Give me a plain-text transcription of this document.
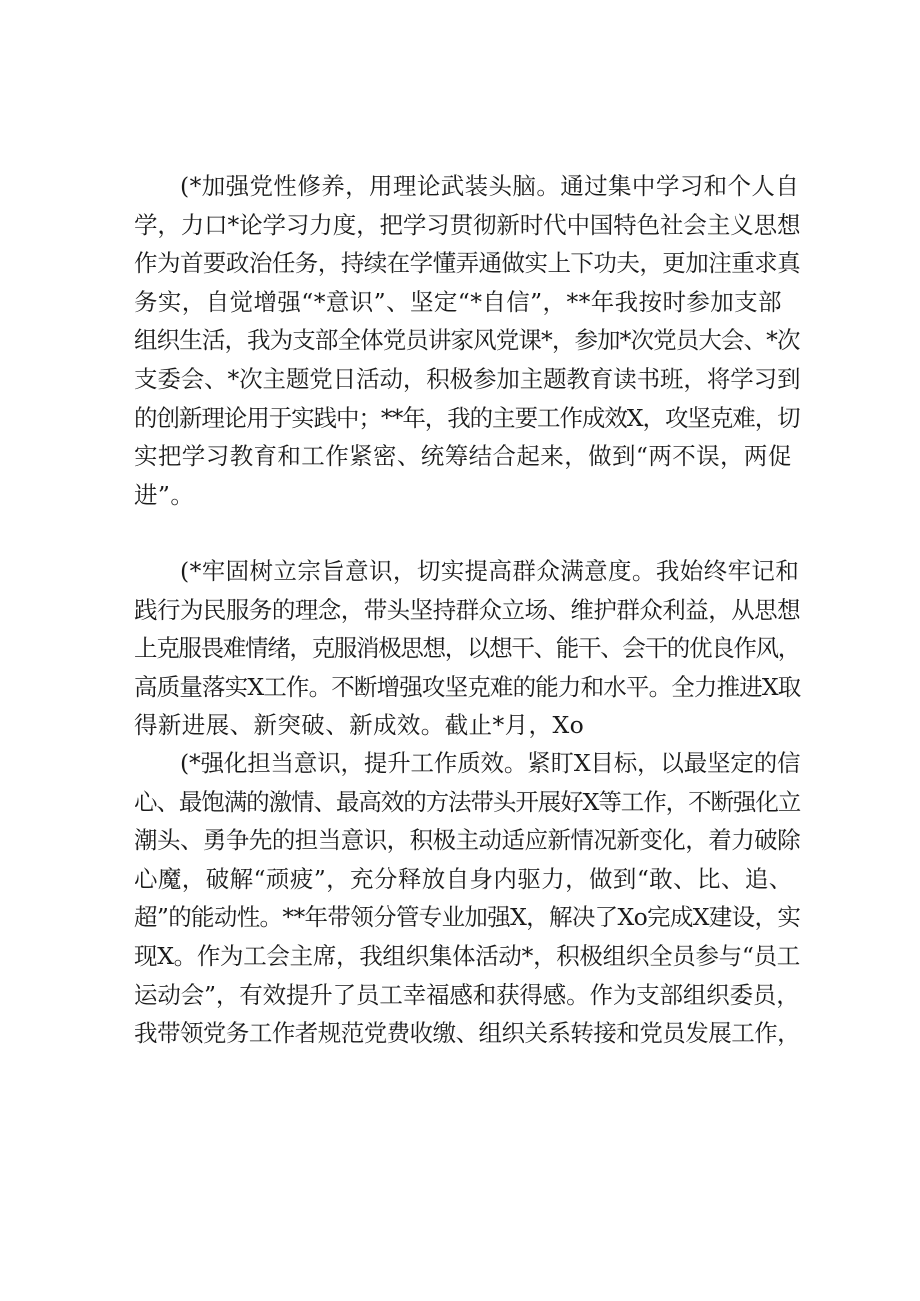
(*加强党性修养，用理论武装头脑。通过集中学习和个人自
学，力口*论学习力度，把学习贯彻新时代中国特色社会主义思想
作为首要政治任务，持续在学懂弄通做实上下功夫，更加注重求真
务实，自觉增强“*意识”、坚定“*自信”，**年我按时参加支部
组织生活，我为支部全体党员讲家风党课*，参加*次党员大会、*次
支委会、*次主题党日活动，积极参加主题教育读书班，将学习到
的创新理论用于实践中；**年，我的主要工作成效X，攻坚克难，切
实把学习教育和工作紧密、统筹结合起来，做到“两不误，两促
进”。
(*牢固树立宗旨意识，切实提高群众满意度。我始终牢记和
践行为民服务的理念，带头坚持群众立场、维护群众利益，从思想
上克服畏难情绪，克服消极思想，以想干、能干、会干的优良作风，
高质量落实X工作。不断增强攻坚克难的能力和水平。全力推进X取
得新进展、新突破、新成效。截止*月，Xo
(*强化担当意识，提升工作质效。紧盯X目标，以最坚定的信
心、最饱满的激情、最高效的方法带头开展好X等工作，不断强化立
潮头、勇争先的担当意识，积极主动适应新情况新变化，着力破除
心魔，破解“顽疲”，充分释放自身内驱力，做到“敢、比、追、
超”的能动性。**年带领分管专业加强X，解决了Xo完成X建设，实
现X。作为工会主席，我组织集体活动*，积极组织全员参与“员工
运动会”，有效提升了员工幸福感和获得感。作为支部组织委员，
我带领党务工作者规范党费收缴、组织关系转接和党员发展工作，
